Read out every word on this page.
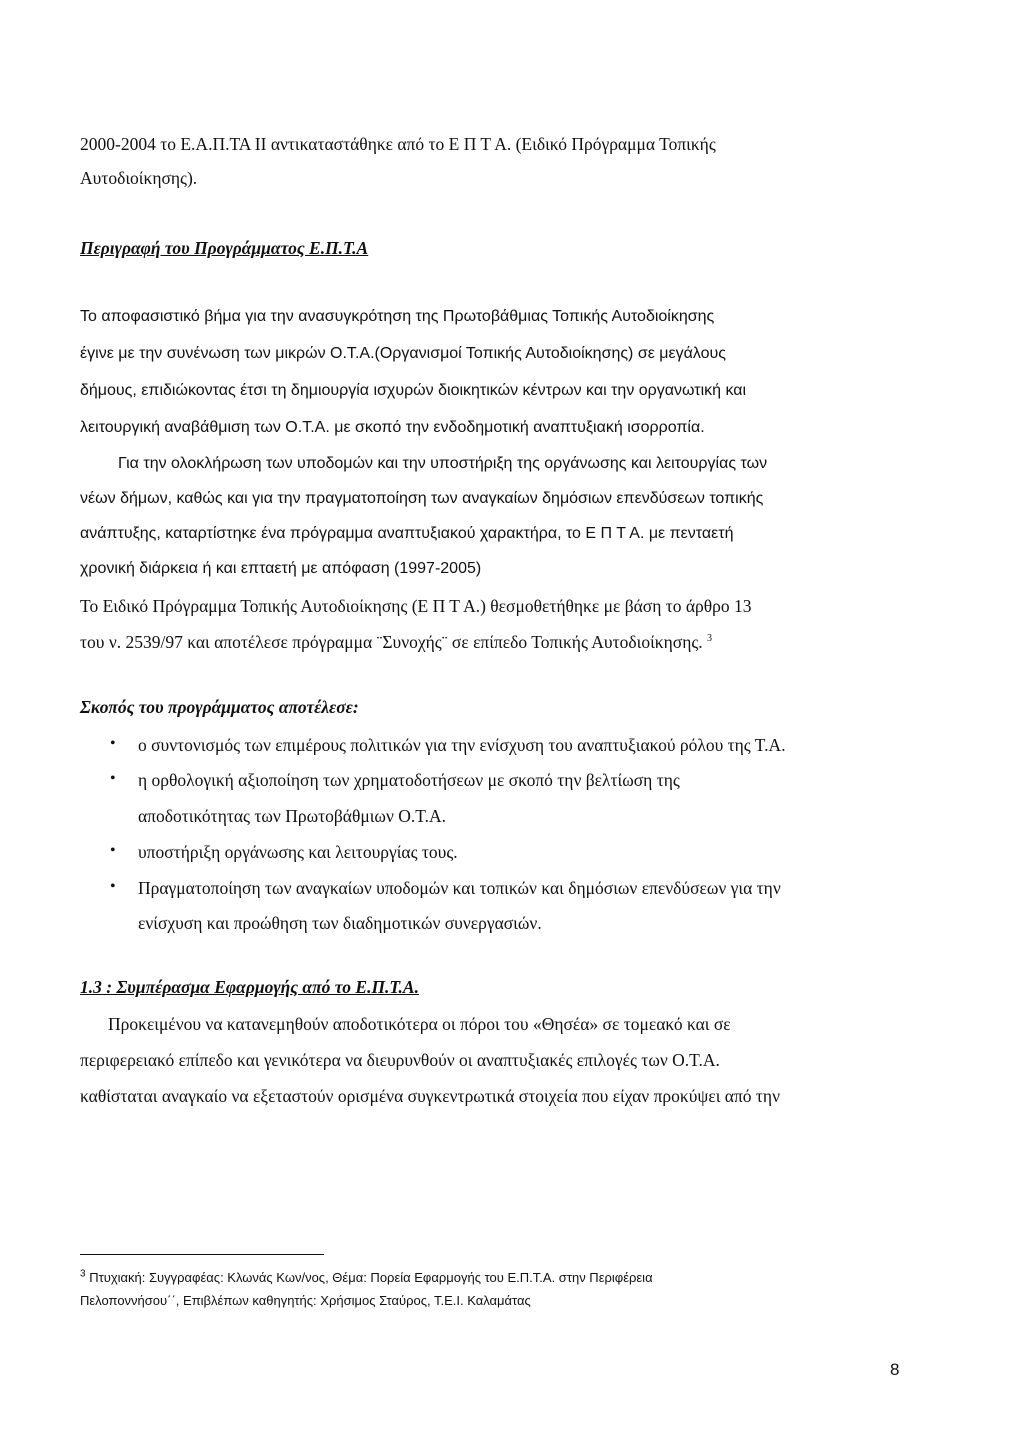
2000-2004 το Ε.Α.Π.ΤΑ ΙΙ αντικαταστάθηκε από το Ε Π Τ Α. (Ειδικό Πρόγραμμα Τοπικής
Αυτοδιοίκησης).
Περιγραφή του Προγράμματος Ε.Π.Τ.Α
Το αποφασιστικό βήμα για την ανασυγκρότηση της Πρωτοβάθμιας Τοπικής Αυτοδιοίκησης
έγινε με την συνένωση των μικρών Ο.Τ.Α.(Οργανισμοί Τοπικής Αυτοδιοίκησης) σε μεγάλους
δήμους, επιδιώκοντας έτσι τη δημιουργία ισχυρών διοικητικών κέντρων και την οργανωτική και
λειτουργική αναβάθμιση των Ο.Τ.Α. με σκοπό την ενδοδημοτική αναπτυξιακή ισορροπία.
Για την ολοκλήρωση των υποδομών και την υποστήριξη της οργάνωσης και λειτουργίας των
νέων δήμων, καθώς και για την πραγματοποίηση των αναγκαίων δημόσιων επενδύσεων τοπικής
ανάπτυξης, καταρτίστηκε ένα πρόγραμμα αναπτυξιακού χαρακτήρα, το Ε Π Τ Α. με πενταετή
χρονική διάρκεια ή και επταετή με απόφαση (1997-2005)
Το Ειδικό Πρόγραμμα Τοπικής Αυτοδιοίκησης (Ε Π Τ Α.) θεσμοθετήθηκε με βάση το άρθρο 13
του ν. 2539/97 και αποτέλεσε πρόγραμμα ¨Συνοχής¨ σε επίπεδο Τοπικής Αυτοδιοίκησης. $^3$
Σκοπός του προγράμματος αποτέλεσε:
• ο συντονισμός των επιμέρους πολιτικών για την ενίσχυση του αναπτυξιακού ρόλου της Τ.Α.
• η ορθολογική αξιοποίηση των χρηματοδοτήσεων με σκοπό την βελτίωση της
αποδοτικότητας των Πρωτοβάθμιων Ο.Τ.Α.
• υποστήριξη οργάνωσης και λειτουργίας τους.
• Πραγματοποίηση των αναγκαίων υποδομών και τοπικών και δημόσιων επενδύσεων για την
ενίσχυση και προώθηση των διαδημοτικών συνεργασιών.
1.3 : Συμπέρασμα Εφαρμογής από το Ε.Π.Τ.Α.
Προκειμένου να κατανεμηθούν αποδοτικότερα οι πόροι του «Θησέα» σε τομεακό και σε
περιφερειακό επίπεδο και γενικότερα να διευρυνθούν οι αναπτυξιακές επιλογές των Ο.Τ.Α.
καθίσταται αναγκαίο να εξεταστούν ορισμένα συγκεντρωτικά στοιχεία που είχαν προκύψει από την
$^3$ Πτυχιακή: Συγγραφέας: Κλωνάς Κων/νος, Θέμα: Πορεία Εφαρμογής του Ε.Π.Τ.Α. στην Περιφέρεια
Πελοποννήσου΄΄, Επιβλέπων καθηγητής: Χρήσιμος Σταύρος, Τ.Ε.Ι. Καλαμάτας
8
